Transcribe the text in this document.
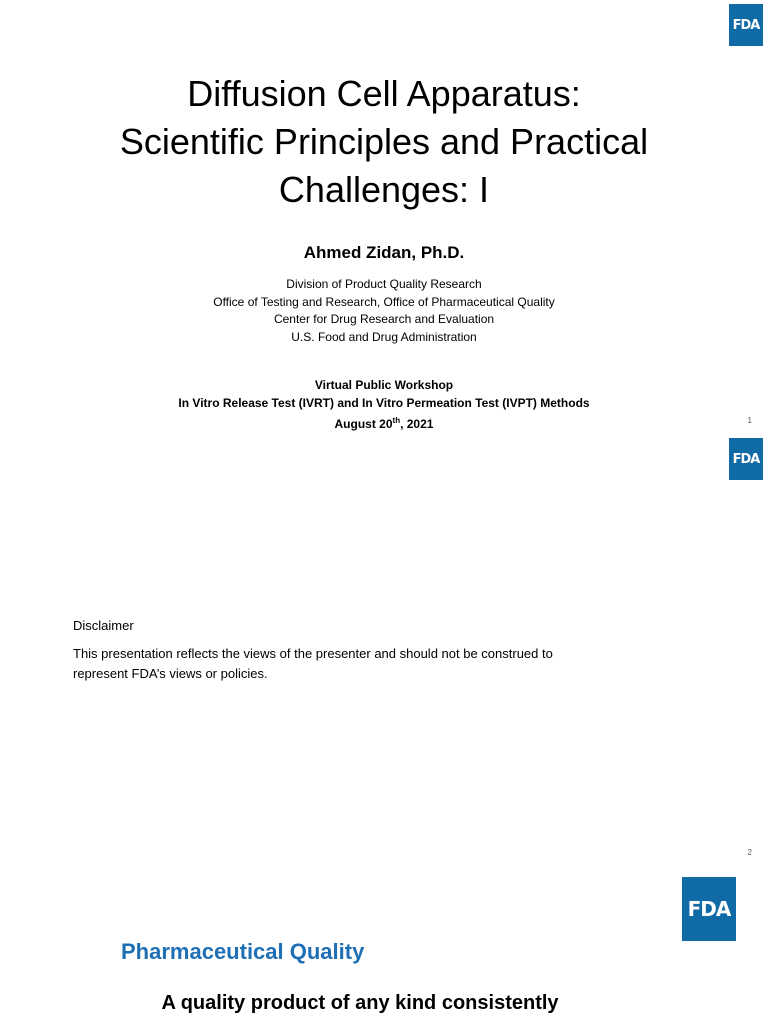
FDA
Diffusion Cell Apparatus:
Scientific Principles and Practical
Challenges: I
Ahmed Zidan, Ph.D.
Division of Product Quality Research
Office of Testing and Research, Office of Pharmaceutical Quality
Center for Drug Research and Evaluation
U.S. Food and Drug Administration
Virtual Public Workshop
In Vitro Release Test (IVRT) and In Vitro Permeation Test (IVPT) Methods
August 20th, 2021	1
FDA
Disclaimer
This presentation reflects the views of the presenter and should not be construed to represent FDA’s views or policies.
2
FDA
Pharmaceutical Quality
A quality product of any kind consistently
